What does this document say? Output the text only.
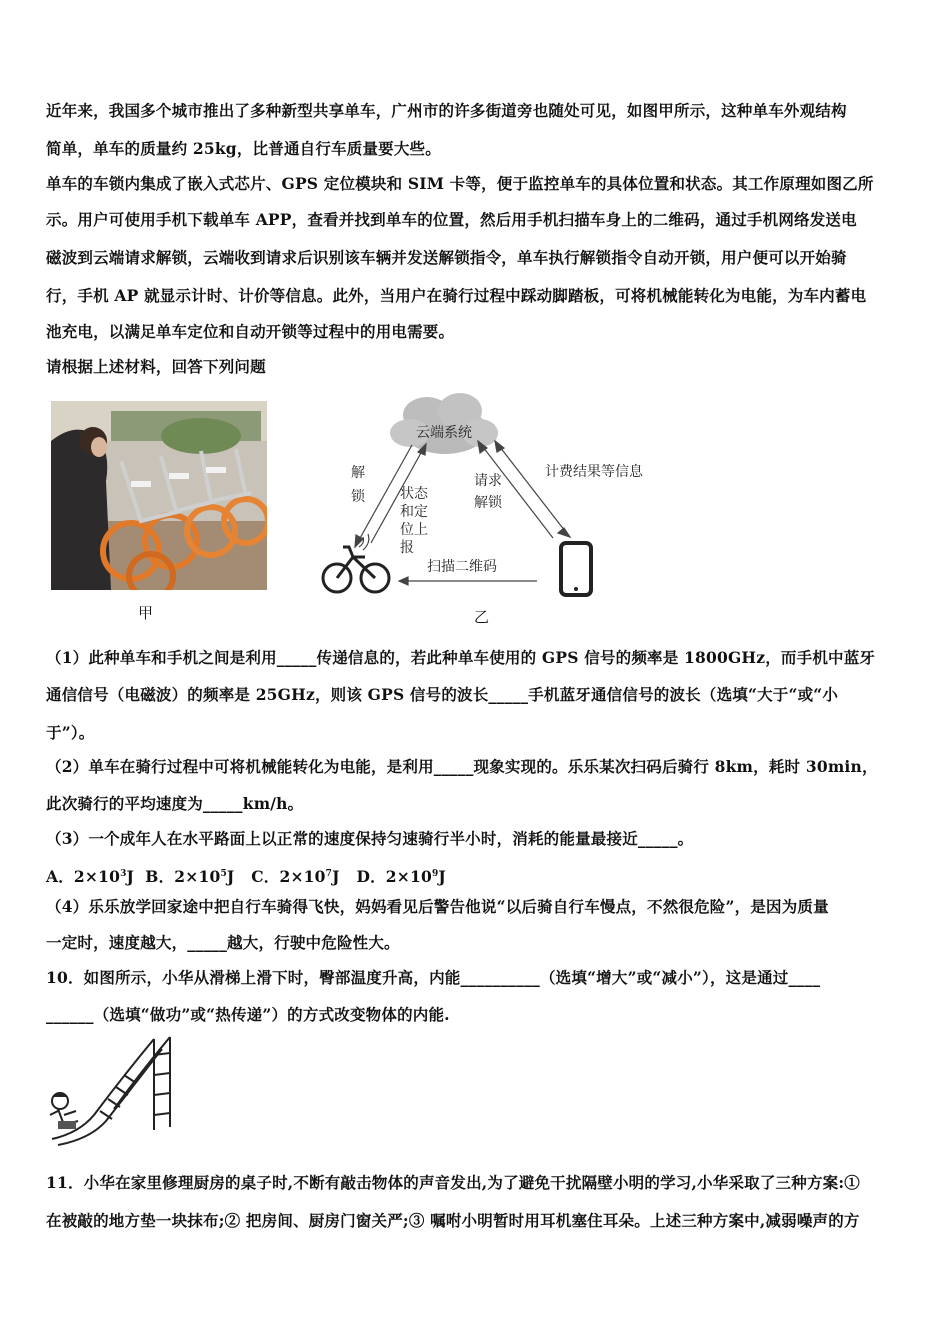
近年来，我国多个城市推出了多种新型共享单车，广州市的许多街道旁也随处可见，如图甲所示，这种单车外观结构
简单，单车的质量约 25kg，比普通自行车质量要大些。
单车的车锁内集成了嵌入式芯片、GPS 定位模块和 SIM 卡等，便于监控单车的具体位置和状态。其工作原理如图乙所
示。用户可使用手机下载单车 APP，查看并找到单车的位置，然后用手机扫描车身上的二维码，通过手机网络发送电
磁波到云端请求解锁，云端收到请求后识别该车辆并发送解锁指令，单车执行解锁指令自动开锁，用户便可以开始骑
行，手机 AP 就显示计时、计价等信息。此外，当用户在骑行过程中踩动脚踏板，可将机械能转化为电能，为车内蓄电
池充电，以满足单车定位和自动开锁等过程中的用电需要。
请根据上述材料，回答下列问题
甲
云端系统
解
锁	状态
和定
位上
报
请求
解锁
计费结果等信息
扫描二维码
乙
（1）此种单车和手机之间是利用_____传递信息的，若此种单车使用的 GPS 信号的频率是 1800GHz，而手机中蓝牙
通信信号（电磁波）的频率是 25GHz，则该 GPS 信号的波长_____手机蓝牙通信信号的波长（选填“大于“或“小
于”）。
（2）单车在骑行过程中可将机械能转化为电能，是利用_____现象实现的。乐乐某次扫码后骑行 8km，耗时 30min，
此次骑行的平均速度为_____km/h。
（3）一个成年人在水平路面上以正常的速度保持匀速骑行半小时，消耗的能量最接近_____。
A．$2\times 10^3J$ B．$2\times 10^5J$ C．$2\times 10^7J$ D．$2\times 10^9J$
（4）乐乐放学回家途中把自行车骑得飞快，妈妈看见后警告他说“以后骑自行车慢点，不然很危险”，是因为质量
一定时，速度越大，_____越大，行驶中危险性大。
10．如图所示，小华从滑梯上滑下时，臀部温度升高，内能__________（选填“增大”或“减小”），这是通过____
______（选填“做功”或“热传递”）的方式改变物体的内能.
11．小华在家里修理厨房的桌子时,不断有敲击物体的声音发出,为了避免干扰隔壁小明的学习,小华采取了三种方案:①
在被敲的地方垫一块抹布;② 把房间、厨房门窗关严;③ 嘱咐小明暂时用耳机塞住耳朵。上述三种方案中,减弱噪声的方
